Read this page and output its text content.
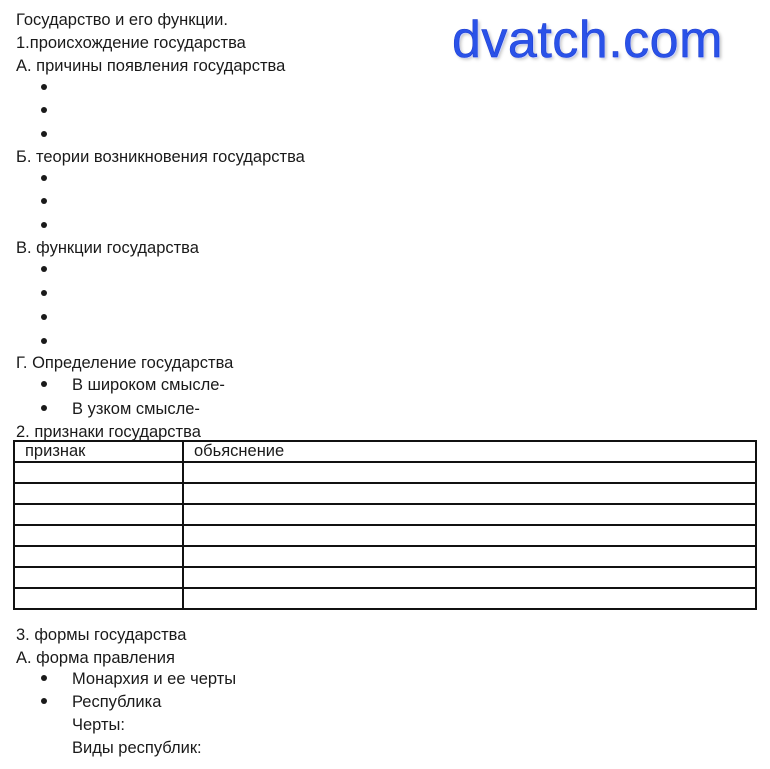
dvatch.com
Государство и его функции.
1.происхождение государства
А. причины появления государства
Б. теории возникновения государства
В. функции государства
Г. Определение государства
В широком смысле-
В узком смысле-
2. признаки государства
признак	обьяснение

3. формы государства
А. форма правления
Монархия и ее черты
Республика
Черты:
Виды республик:
